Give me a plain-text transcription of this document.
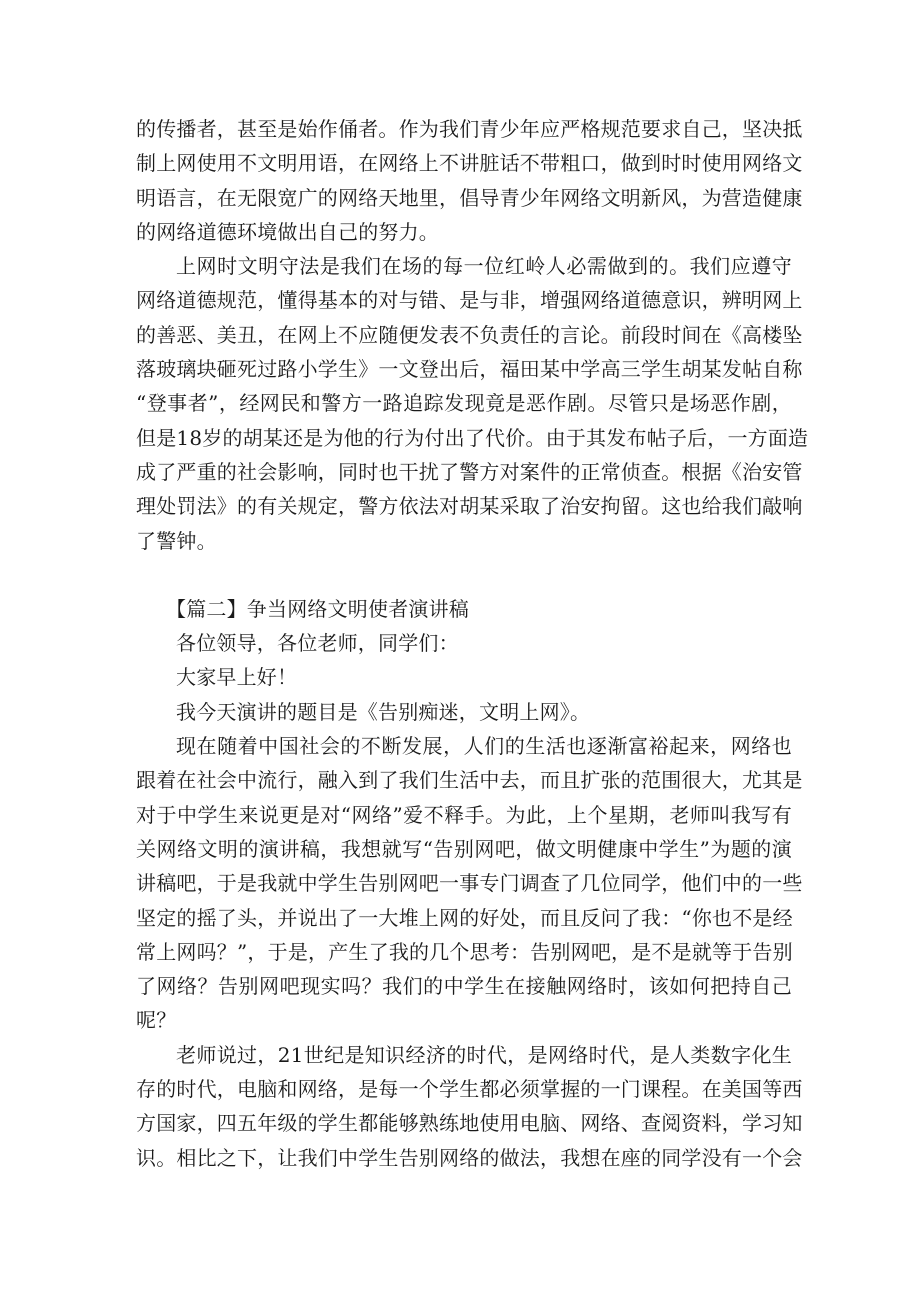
的传播者，甚至是始作俑者。作为我们青少年应严格规范要求自己，坚决抵
制上网使用不文明用语，在网络上不讲脏话不带粗口，做到时时使用网络文
明语言，在无限宽广的网络天地里，倡导青少年网络文明新风，为营造健康
的网络道德环境做出自己的努力。
上网时文明守法是我们在场的每一位红岭人必需做到的。我们应遵守
网络道德规范，懂得基本的对与错、是与非，增强网络道德意识，辨明网上
的善恶、美丑，在网上不应随便发表不负责任的言论。前段时间在《高楼坠
落玻璃块砸死过路小学生》一文登出后，福田某中学高三学生胡某发帖自称
“登事者”，经网民和警方一路追踪发现竟是恶作剧。尽管只是场恶作剧，
但是18岁的胡某还是为他的行为付出了代价。由于其发布帖子后，一方面造
成了严重的社会影响，同时也干扰了警方对案件的正常侦查。根据《治安管
理处罚法》的有关规定，警方依法对胡某采取了治安拘留。这也给我们敲响
了警钟。
【篇二】争当网络文明使者演讲稿
各位领导，各位老师，同学们：
大家早上好！
我今天演讲的题目是《告别痴迷，文明上网》。
现在随着中国社会的不断发展，人们的生活也逐渐富裕起来，网络也
跟着在社会中流行，融入到了我们生活中去，而且扩张的范围很大，尤其是
对于中学生来说更是对“网络”爱不释手。为此，上个星期，老师叫我写有
关网络文明的演讲稿，我想就写“告别网吧，做文明健康中学生”为题的演
讲稿吧，于是我就中学生告别网吧一事专门调查了几位同学，他们中的一些
坚定的摇了头，并说出了一大堆上网的好处，而且反问了我：“你也不是经
常上网吗？”，于是，产生了我的几个思考：告别网吧，是不是就等于告别
了网络？告别网吧现实吗？我们的中学生在接触网络时，该如何把持自己
呢？
老师说过，21世纪是知识经济的时代，是网络时代，是人类数字化生
存的时代，电脑和网络，是每一个学生都必须掌握的一门课程。在美国等西
方国家，四五年级的学生都能够熟练地使用电脑、网络、查阅资料，学习知
识。相比之下，让我们中学生告别网络的做法，我想在座的同学没有一个会
